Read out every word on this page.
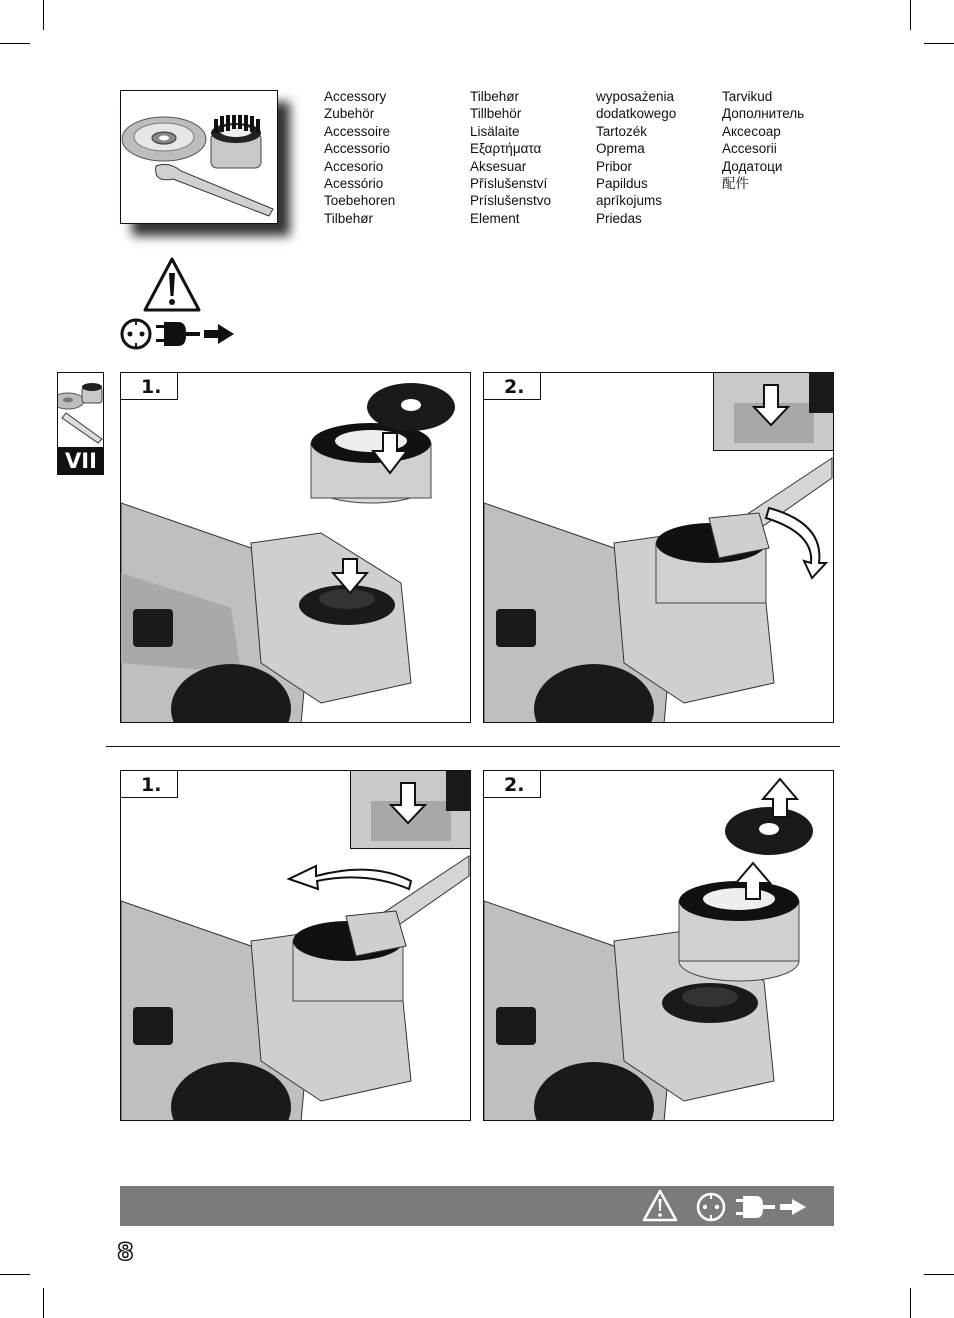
Accessory
Zubehör
Accessoire
Accessorio
Accesorio
Acessório
Toebehoren
Tilbehør
Tilbehør
Tillbehör
Lisälaite
Εξαρτήματα
Aksesuar
Příslušenství
Príslušenstvo
Element
wyposażenia
dodatkowego
Tartozék
Oprema
Pribor
Papildus
aprīkojums
Priedas
Tarvikud
Дополнитель
Аксесоар
Accesorii
Додатоци
配件
VII
1.	2.
1.	2.
8
